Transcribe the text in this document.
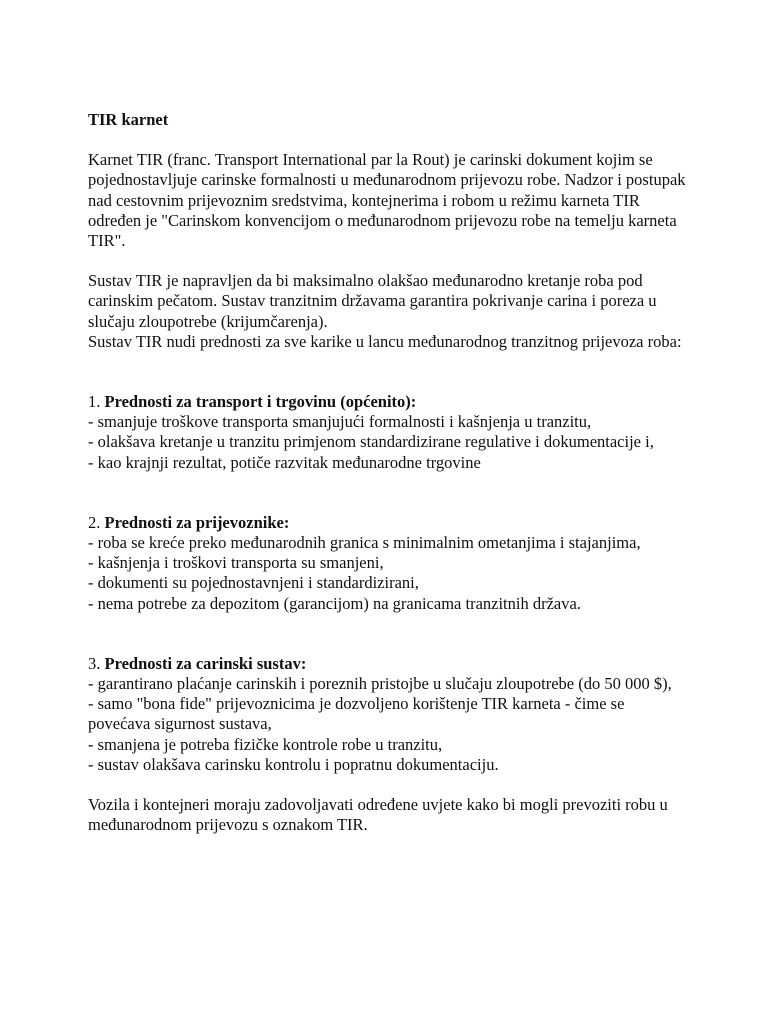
TIR karnet

Karnet TIR (franc. Transport International par la Rout) je carinski dokument kojim se pojednostavljuje carinske formalnosti u međunarodnom prijevozu robe. Nadzor i postupak nad cestovnim prijevoznim sredstvima, kontejnerima i robom u režimu karneta TIR određen je "Carinskom konvencijom o međunarodnom prijevozu robe na temelju karneta TIR".

Sustav TIR je napravljen da bi maksimalno olakšao međunarodno kretanje roba pod carinskim pečatom. Sustav tranzitnim državama garantira pokrivanje carina i poreza u slučaju zloupotrebe (krijumčarenja).

Sustav TIR nudi prednosti za sve karike u lancu međunarodnog tranzitnog prijevoza roba:

1. Prednosti za transport i trgovinu (općenito):

- smanjuje troškove transporta smanjujući formalnosti i kašnjenja u tranzitu,

- olakšava kretanje u tranzitu primjenom standardizirane regulative i dokumentacije i,

- kao krajnji rezultat, potiče razvitak međunarodne trgovine

2. Prednosti za prijevoznike:

- roba se kreće preko međunarodnih granica s minimalnim ometanjima i stajanjima,

- kašnjenja i troškovi transporta su smanjeni,

- dokumenti su pojednostavnjeni i standardizirani,

- nema potrebe za depozitom (garancijom) na granicama tranzitnih država.

3. Prednosti za carinski sustav:

- garantirano plaćanje carinskih i poreznih pristojbe u slučaju zloupotrebe (do 50 000 $),

- samo "bona fide" prijevoznicima je dozvoljeno korištenje TIR karneta - čime se povećava sigurnost sustava,

- smanjena je potreba fizičke kontrole robe u tranzitu,

- sustav olakšava carinsku kontrolu i popratnu dokumentaciju.

Vozila i kontejneri moraju zadovoljavati određene uvjete kako bi mogli prevoziti robu u međunarodnom prijevozu s oznakom TIR.
